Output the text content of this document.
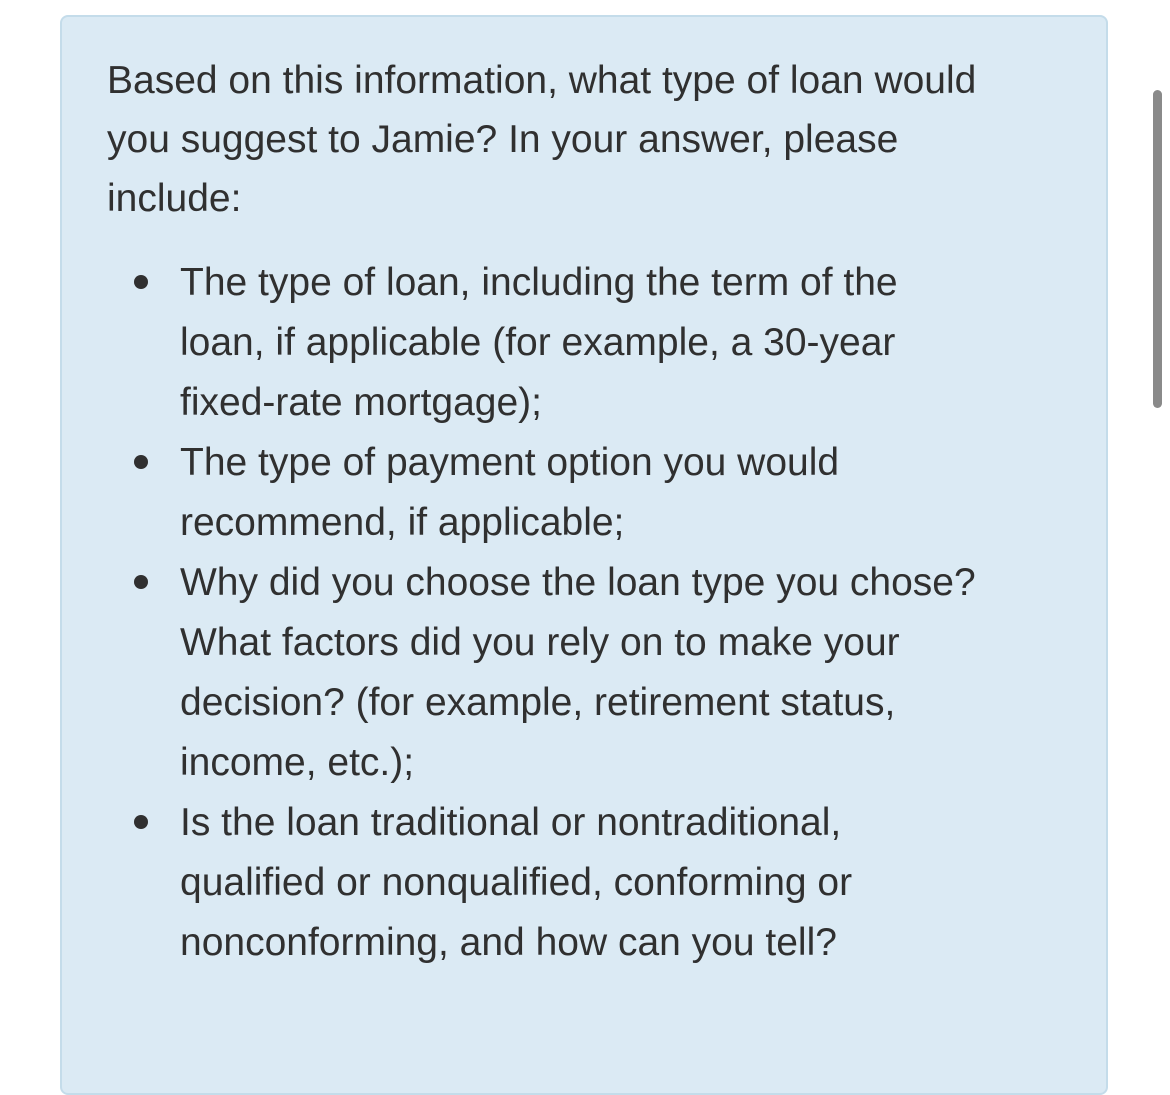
Based on this information, what type of loan would you suggest to Jamie? In your answer, please include:

The type of loan, including the term of the loan, if applicable (for example, a 30-year fixed-rate mortgage);
The type of payment option you would recommend, if applicable;
Why did you choose the loan type you chose? What factors did you rely on to make your decision? (for example, retirement status, income, etc.);
Is the loan traditional or nontraditional, qualified or nonqualified, conforming or nonconforming, and how can you tell?
